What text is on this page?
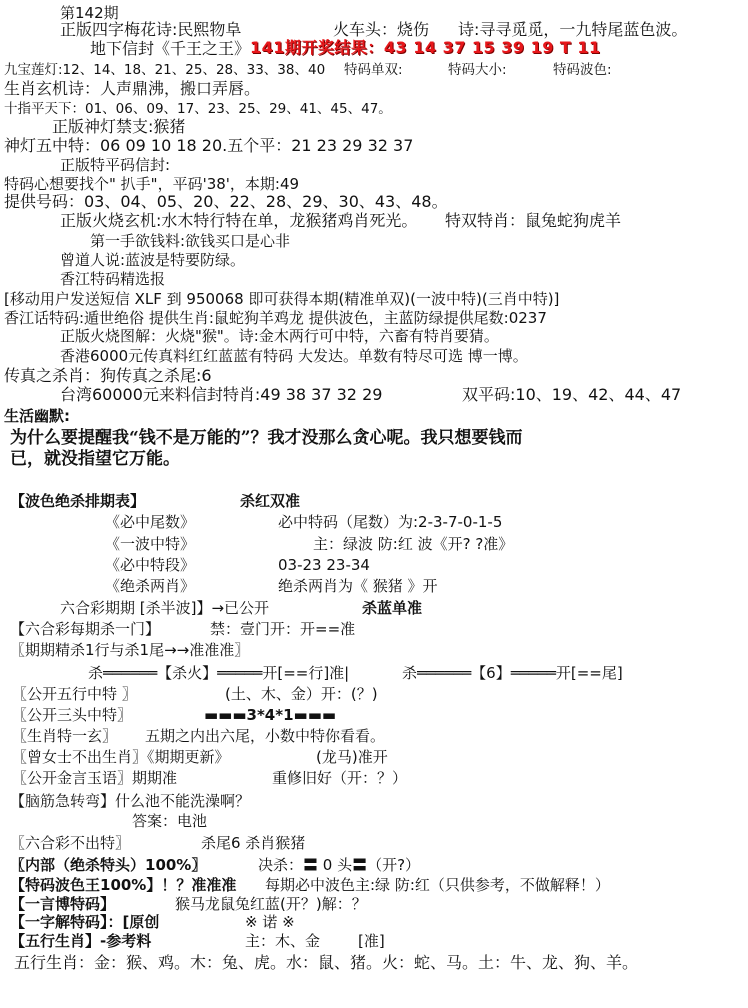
第142期
正版四字梅花诗:民熙物阜	火车头：烧伤 诗:寻寻觅觅，一九特尾蓝色波。
地下信封《千王之王》 141期开奖结果：43 14 37 15 39 19 T 11
九宝莲灯:12、14、18、21、25、28、33、38、40 特码单双:	特码大小:	特码波色:
生肖玄机诗：人声鼎沸，搬口弄唇。
十指平天下：01、06、09、17、23、25、29、41、45、47。
正版神灯禁支:猴猪
神灯五中特：06 09 10 18 20.五个平：21 23 29 32 37
正版特平码信封:
特码心想要找个" 扒手"，平码'38'，本期:49
提供号码：03、04、05、20、22、28、29、30、43、48。
正版火烧玄机:水木特行特在单，龙猴猪鸡肖死光。 特双特肖：鼠兔蛇狗虎羊
第一手欲钱料:欲钱买口是心非
曾道人说:蓝波是特要防绿。
香江特码精选报
[移动用户发送短信 XLF 到 950068 即可获得本期(精准单双)(一波中特)(三肖中特)]
香江话特码:遁世绝俗 提供生肖:鼠蛇狗羊鸡龙 提供波色，主蓝防绿提供尾数:0237
正版火烧图解：火烧"猴"。诗:金木两行可中特，六畜有特肖要猜。
香港6000元传真料红红蓝蓝有特码 大发达。单数有特尽可选 博一博。
传真之杀肖：狗传真之杀尾:6
台湾60000元来料信封特肖:49 38 37 32 29	双平码:10、19、42、44、47
生活幽默:
为什么要提醒我“钱不是万能的”？我才没那么贪心呢。我只想要钱而
已，就没指望它万能。
【波色绝杀排期表】	杀红双准
《必中尾数》	必中特码（尾数）为:2-3-7-0-1-5
《一波中特》	主：绿波 防:红 波《开? ?准》
《必中特段》	03-23 23-34
《绝杀两肖》	绝杀两肖为《 猴猪 》开
六合彩期期 [杀半波]】→已公开	杀蓝单准
【六合彩每期杀一门】	禁：壹门开：开==准
〖期期精杀1行与杀1尾→→准准准〗
杀══════【杀火】═════开[==行]准|	杀══════【6】═════开[==尾]
〖公开五行中特 〗	(土、木、金）开：(？)
〖公开三头中特〗	▬▬▬3*4*1▬▬▬
〖生肖特一玄〗 五期之内出六尾，小数中特你看看。
〖曾女士不出生肖〗《期期更新》	(龙马)准开
〖公开金言玉语〗期期准	重修旧好（开：？）
【脑筋急转弯】什么池不能洗澡啊？
答案：电池
〖六合彩不出特〗	杀尾6 杀肖猴猪
〖内部（绝杀特头）100%〗	决杀：〓 0 头〓（开?）
【特码波色王100%】！？准准准 每期必中波色主:绿 防:红（只供参考，不做解释！）
【一言博特码】	猴马龙鼠兔红蓝(开？)解：？
【一字解特码】：[原创	※ 诺 ※
【五行生肖】-参考料	主：木、金	[准]
五行生肖：金：猴、鸡。木：兔、虎。水：鼠、猪。火：蛇、马。土：牛、龙、狗、羊。
